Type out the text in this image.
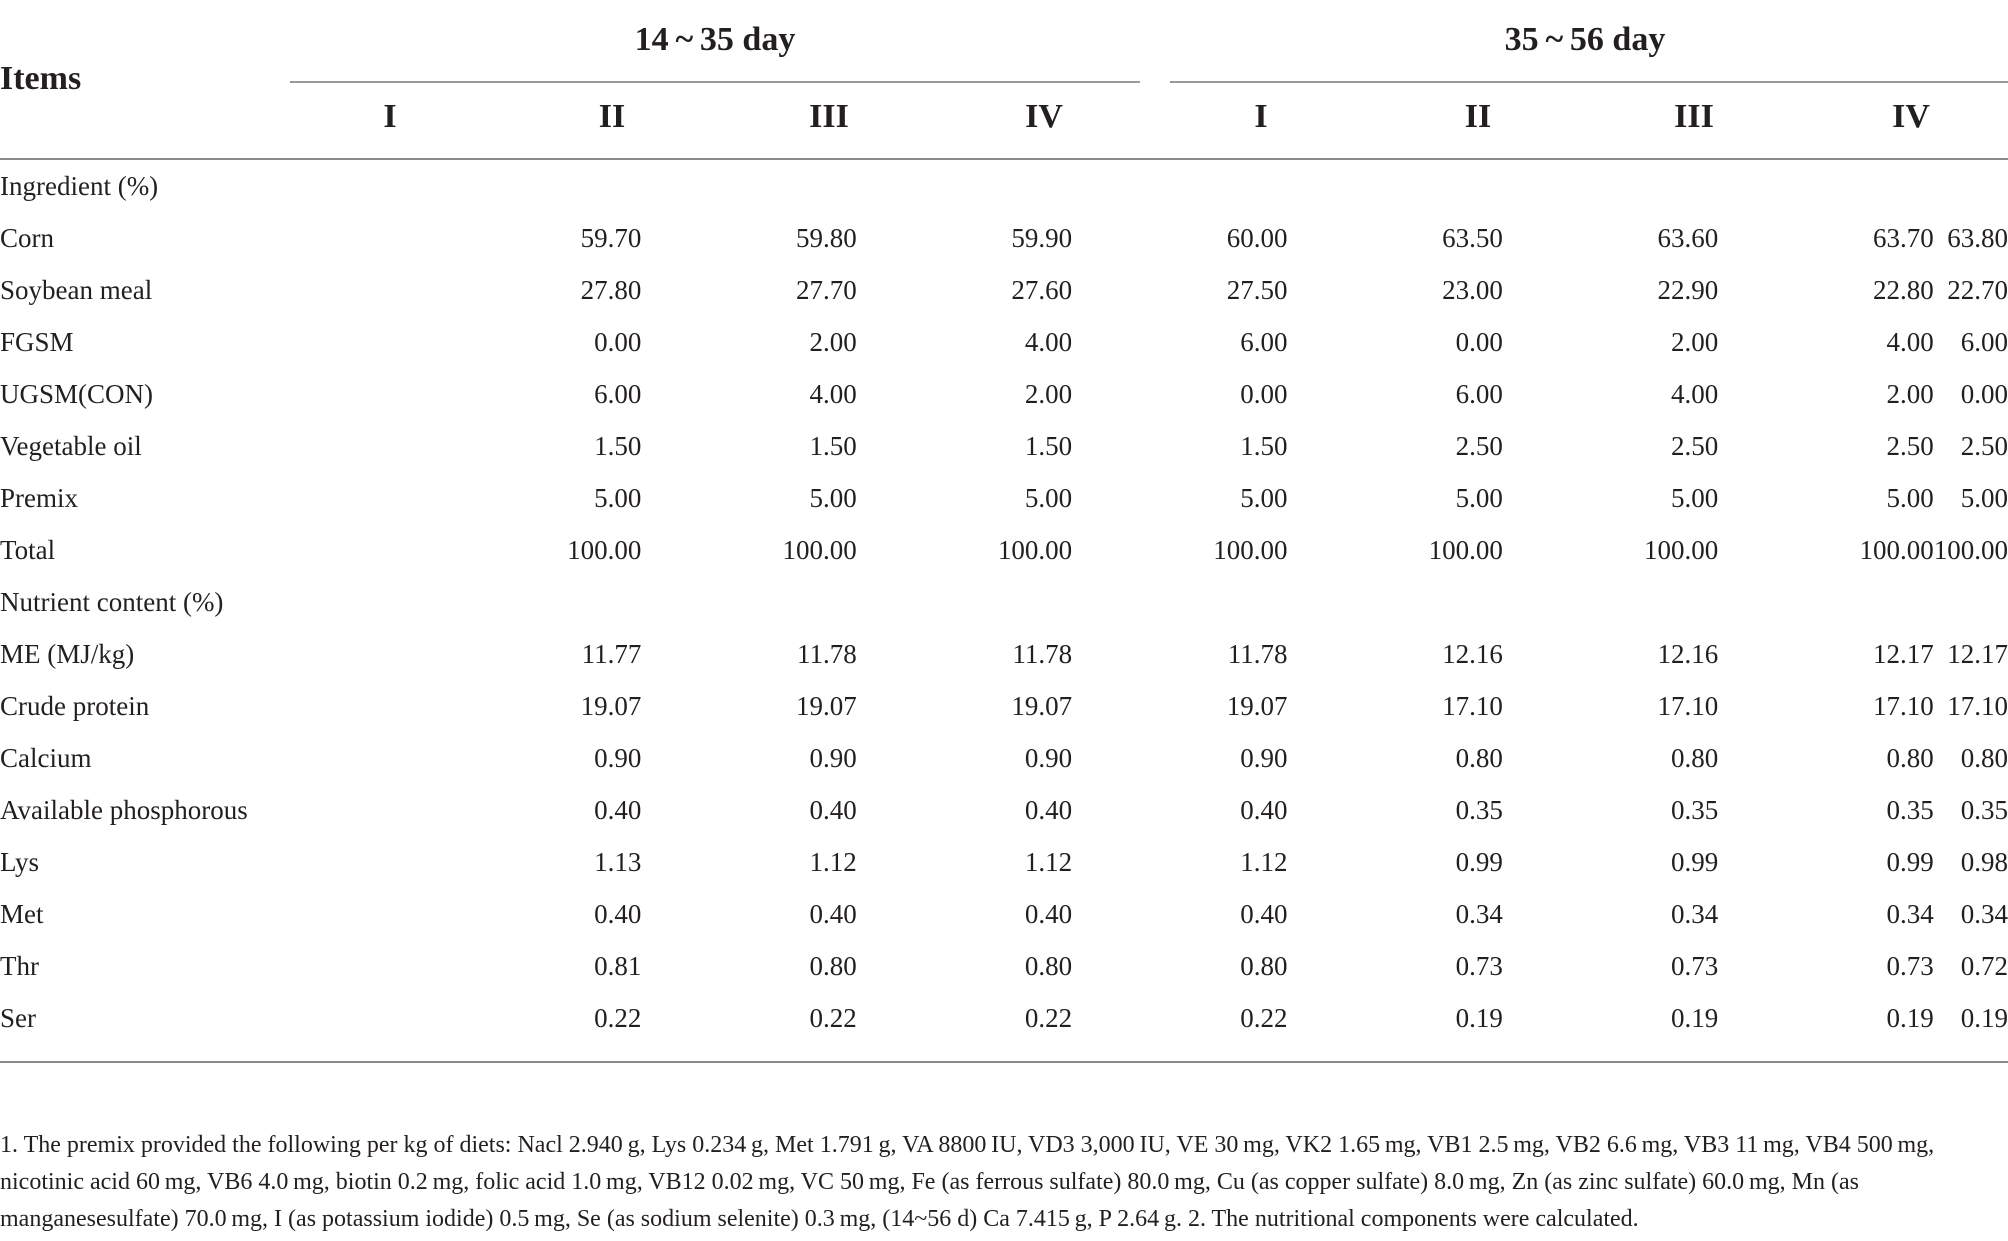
Items
14 ~ 35 day	35 ~ 56 day
I	II	III	IV	I	II	III	IV
Ingredient (%)									
Corn		59.70	59.80	59.90	60.00	63.50	63.60	63.70	63.80
Soybean meal		27.80	27.70	27.60	27.50	23.00	22.90	22.80	22.70
FGSM		0.00	2.00	4.00	6.00	0.00	2.00	4.00	6.00
UGSM(CON)		6.00	4.00	2.00	0.00	6.00	4.00	2.00	0.00
Vegetable oil		1.50	1.50	1.50	1.50	2.50	2.50	2.50	2.50
Premix		5.00	5.00	5.00	5.00	5.00	5.00	5.00	5.00
Total		100.00	100.00	100.00	100.00	100.00	100.00	100.00	100.00
Nutrient content (%)									
ME (MJ/kg)		11.77	11.78	11.78	11.78	12.16	12.16	12.17	12.17
Crude protein		19.07	19.07	19.07	19.07	17.10	17.10	17.10	17.10
Calcium		0.90	0.90	0.90	0.90	0.80	0.80	0.80	0.80
Available phosphorous		0.40	0.40	0.40	0.40	0.35	0.35	0.35	0.35
Lys		1.13	1.12	1.12	1.12	0.99	0.99	0.99	0.98
Met		0.40	0.40	0.40	0.40	0.34	0.34	0.34	0.34
Thr		0.81	0.80	0.80	0.80	0.73	0.73	0.73	0.72
Ser		0.22	0.22	0.22	0.22	0.19	0.19	0.19	0.19
1. The premix provided the following per kg of diets: Nacl 2.940 g, Lys 0.234 g, Met 1.791 g, VA 8800 IU, VD3 3,000 IU, VE 30 mg, VK2 1.65 mg, VB1 2.5 mg, VB2 6.6 mg, VB3 11 mg, VB4 500 mg, nicotinic acid 60 mg, VB6 4.0 mg, biotin 0.2 mg, folic acid 1.0 mg, VB12 0.02 mg, VC 50 mg, Fe (as ferrous sulfate) 80.0 mg, Cu (as copper sulfate) 8.0 mg, Zn (as zinc sulfate) 60.0 mg, Mn (as manganesesulfate) 70.0 mg, I (as potassium iodide) 0.5 mg, Se (as sodium selenite) 0.3 mg, (14~56 d) Ca 7.415 g, P 2.64 g. 2. The nutritional components were calculated.
